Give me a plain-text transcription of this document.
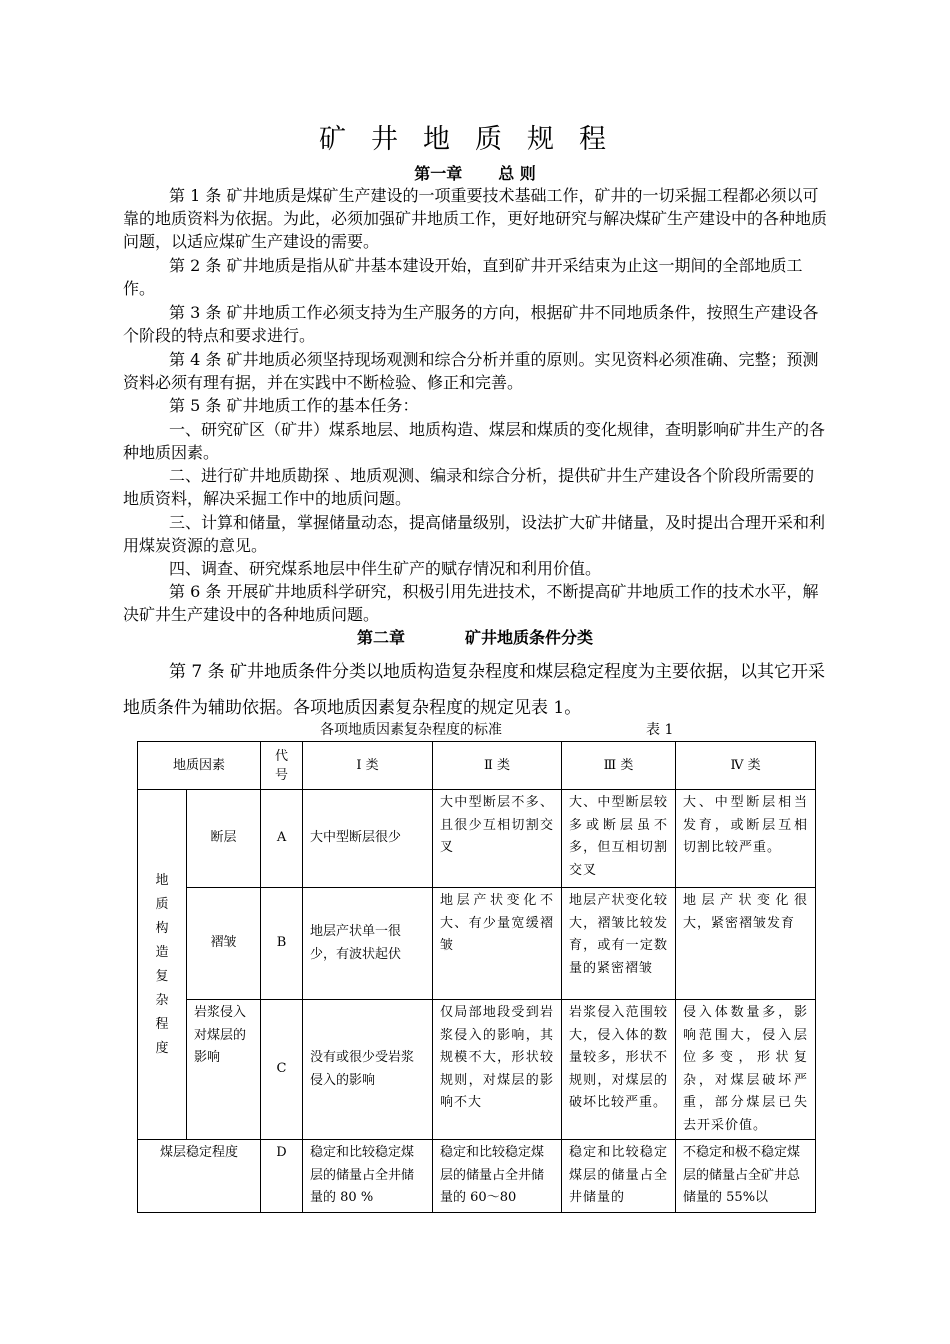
矿井地质规程
第一章 总 则
第 1 条 矿井地质是煤矿生产建设的一项重要技术基础工作，矿井的一切采掘工程都必须以可靠的地质资料为依据。为此，必须加强矿井地质工作，更好地研究与解决煤矿生产建设中的各种地质问题，以适应煤矿生产建设的需要。
第 2 条 矿井地质是指从矿井基本建设开始，直到矿井开采结束为止这一期间的全部地质工作。
第 3 条 矿井地质工作必须支持为生产服务的方向，根据矿井不同地质条件，按照生产建设各个阶段的特点和要求进行。
第 4 条 矿井地质必须坚持现场观测和综合分析并重的原则。实见资料必须准确、完整；预测资料必须有理有据，并在实践中不断检验、修正和完善。
第 5 条 矿井地质工作的基本任务：
一、研究矿区（矿井）煤系地层、地质构造、煤层和煤质的变化规律，查明影响矿井生产的各种地质因素。
二、进行矿井地质勘探 、地质观测、编录和综合分析，提供矿井生产建设各个阶段所需要的地质资料，解决采掘工作中的地质问题。
三、计算和储量，掌握储量动态，提高储量级别，设法扩大矿井储量，及时提出合理开采和利用煤炭资源的意见。
四、调查、研究煤系地层中伴生矿产的赋存情况和利用价值。
第 6 条 开展矿井地质科学研究，积极引用先进技术，不断提高矿井地质工作的技术水平，解决矿井生产建设中的各种地质问题。
第二章	矿井地质条件分类
第 7 条 矿井地质条件分类以地质构造复杂程度和煤层稳定程度为主要依据，以其它开采地质条件为辅助依据。各项地质因素复杂程度的规定见表 1。
各项地质因素复杂程度的标准	表 1
地质因素		代号	Ⅰ 类	Ⅱ 类	Ⅲ 类	Ⅳ 类

地质构造复杂程度	断层	A	大中型断层很少	大中型断层不多、且很少互相切割交叉	大、中型断层较多或断层虽不多，但互相切割交叉	大、中型断层相当发育，或断层互相切割比较严重。
	褶皱	B	地层产状单一很少，有波状起伏	地层产状变化不大、有少量宽缓褶皱	地层产状变化较大，褶皱比较发育，或有一定数量的紧密褶皱	地层产状变化很大，紧密褶皱发育
	岩浆侵入对煤层的影响	C	没有或很少受岩浆侵入的影响	仅局部地段受到岩浆侵入的影响，其规模不大，形状较规则，对煤层的影响不大	岩浆侵入范围较大，侵入体的数量较多，形状不规则，对煤层的破坏比较严重。	侵入体数量多，影响范围大，侵入层位多变，形状复杂，对煤层破坏严重，部分煤层已失去开采价值。
煤层稳定程度		D	稳定和比较稳定煤层的储量占全井储量的 80 %	稳定和比较稳定煤层的储量占全井储量的 60～80	稳定和比较稳定煤层的储量占全井储量的	不稳定和极不稳定煤层的储量占全矿井总储量的 55%以
